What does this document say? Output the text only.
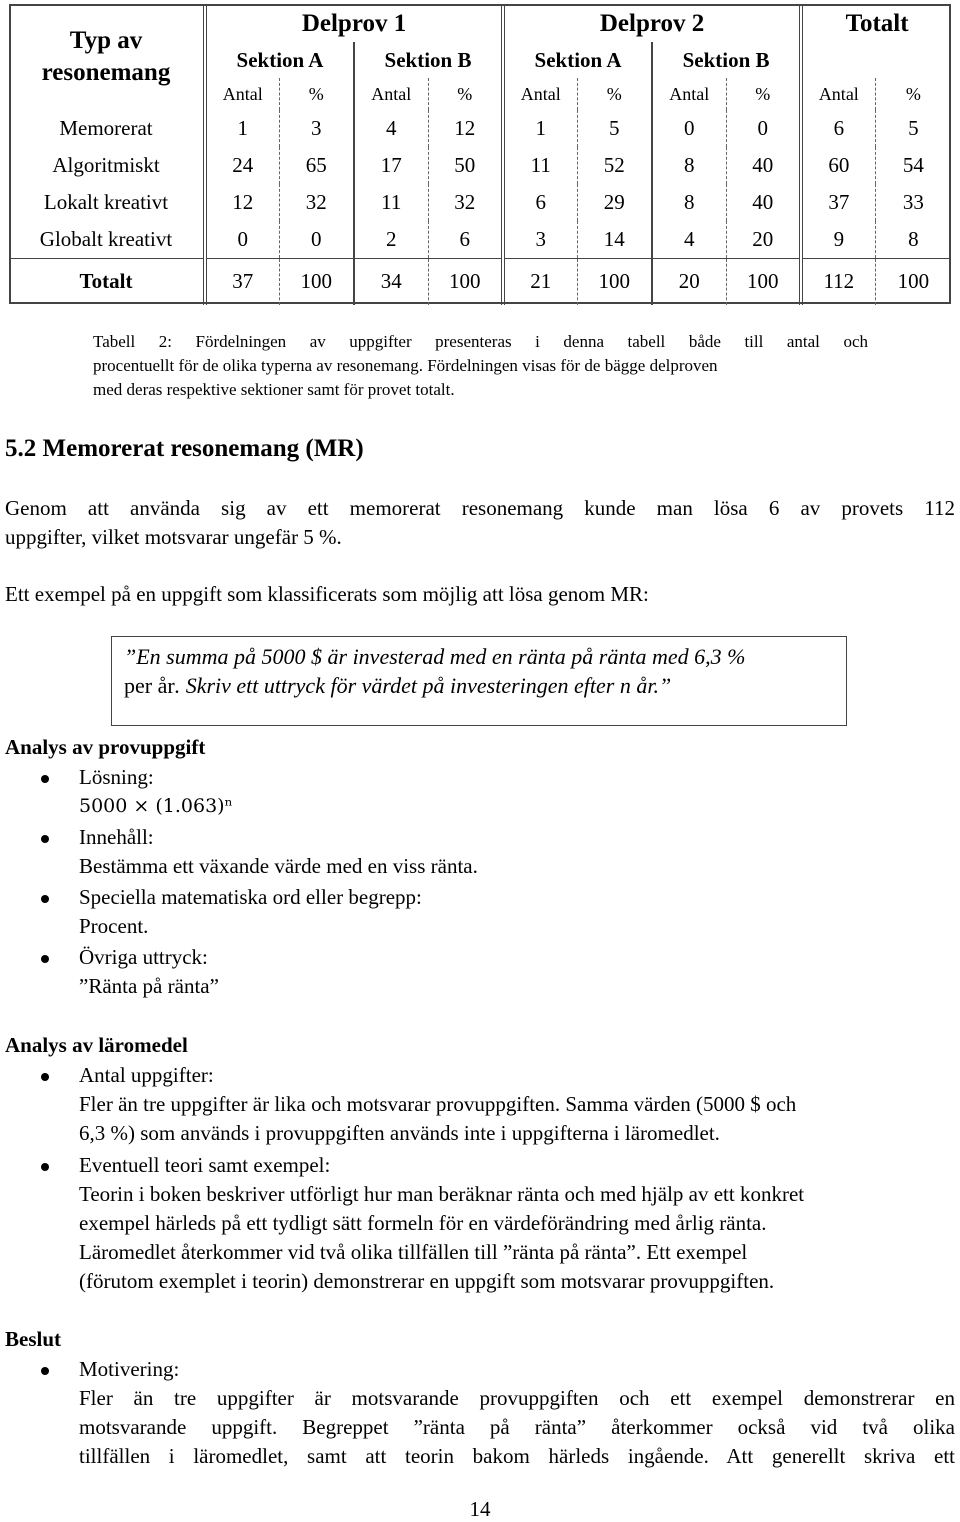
Typ av
resonemang	Delprov 1				Delprov 2				Totalt	
	Sektion A		Sektion B		Sektion A		Sektion B			
	Antal	%	Antal	%	Antal	%	Antal	%	Antal	%
Memorerat	1	3	4	12	1	5	0	0	6	5
Algoritmiskt	24	65	17	50	11	52	8	40	60	54
Lokalt kreativt	12	32	11	32	6	29	8	40	37	33
Globalt kreativt	0	0	2	6	3	14	4	20	9	8
Totalt	37	100	34	100	21	100	20	100	112	100
Tabell 2: Fördelningen av uppgifter presenteras i denna tabell både till antal och
procentuellt för de olika typerna av resonemang. Fördelningen visas för de bägge delproven
med deras respektive sektioner samt för provet totalt.
5.2 Memorerat resonemang (MR)
Genom att använda sig av ett memorerat resonemang kunde man lösa 6 av provets 112
uppgifter, vilket motsvarar ungefär 5 %.
Ett exempel på en uppgift som klassificerats som möjlig att lösa genom MR:
”En summa på 5000 $ är investerad med en ränta på ränta med 6,3 %
per år. Skriv ett uttryck för värdet på investeringen efter n år.”
Analys av provuppgift
Lösning:
5000 × (1.063)ⁿ
Innehåll:
Bestämma ett växande värde med en viss ränta.
Speciella matematiska ord eller begrepp:
Procent.
Övriga uttryck:
”Ränta på ränta”
Analys av läromedel
Antal uppgifter:
Fler än tre uppgifter är lika och motsvarar provuppgiften. Samma värden (5000 $ och
6,3 %) som används i provuppgiften används inte i uppgifterna i läromedlet.
Eventuell teori samt exempel:
Teorin i boken beskriver utförligt hur man beräknar ränta och med hjälp av ett konkret
exempel härleds på ett tydligt sätt formeln för en värdeförändring med årlig ränta.
Läromedlet återkommer vid två olika tillfällen till ”ränta på ränta”. Ett exempel
(förutom exemplet i teorin) demonstrerar en uppgift som motsvarar provuppgiften.
Beslut
Motivering:
Fler än tre uppgifter är motsvarande provuppgiften och ett exempel demonstrerar en
motsvarande uppgift. Begreppet ”ränta på ränta” återkommer också vid två olika
tillfällen i läromedlet, samt att teorin bakom härleds ingående. Att generellt skriva ett
14
